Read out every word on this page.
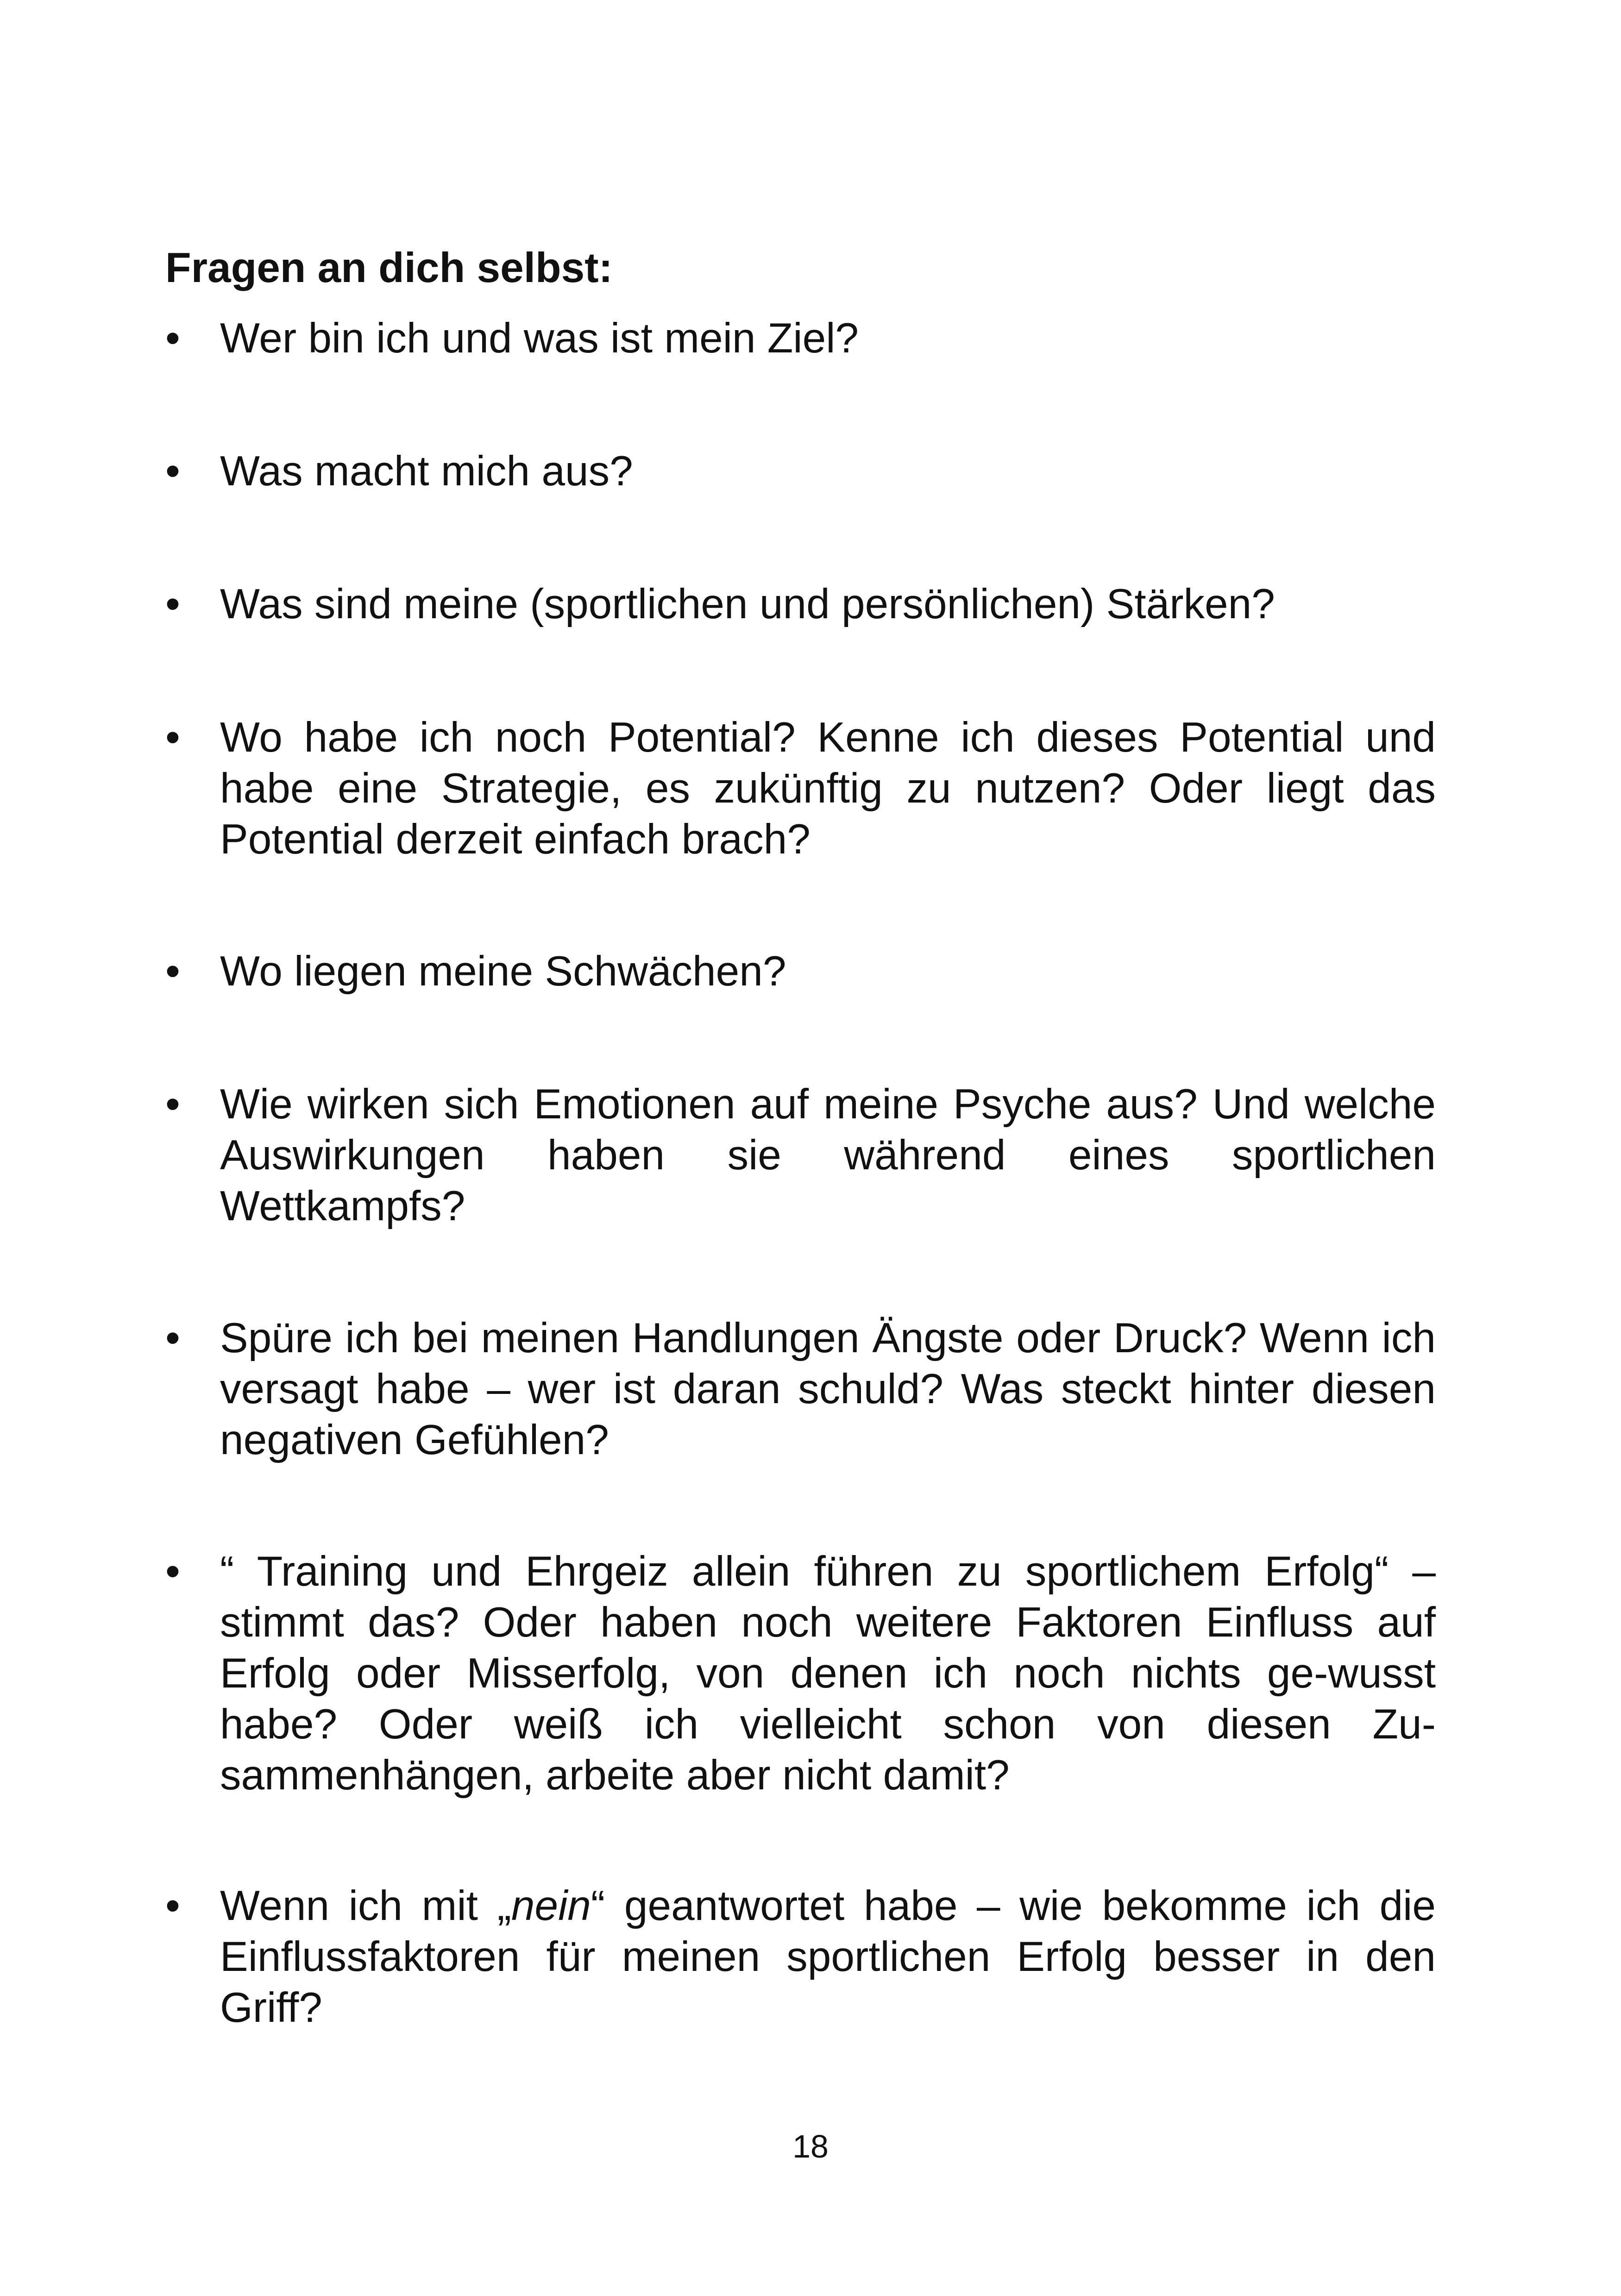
Fragen an dich selbst:
• Wer bin ich und was ist mein Ziel?
• Was macht mich aus?
• Was sind meine (sportlichen und persönlichen) Stärken?
• Wo habe ich noch Potential? Kenne ich dieses Potential und habe eine Strategie, es zukünftig zu nutzen? Oder liegt das Potential derzeit einfach brach?
• Wo liegen meine Schwächen?
• Wie wirken sich Emotionen auf meine Psyche aus? Und welche Auswirkungen haben sie während eines sportlichen Wettkampfs?
• Spüre ich bei meinen Handlungen Ängste oder Druck? Wenn ich versagt habe – wer ist daran schuld? Was steckt hinter diesen negativen Gefühlen?
• “ Training und Ehrgeiz allein führen zu sportlichem Erfolg“ – stimmt das? Oder haben noch weitere Faktoren Einfluss auf Erfolg oder Misserfolg, von denen ich noch nichts ge-wusst habe? Oder weiß ich vielleicht schon von diesen Zu-sammenhängen, arbeite aber nicht damit?
• Wenn ich mit „nein“ geantwortet habe – wie bekomme ich die Einflussfaktoren für meinen sportlichen Erfolg besser in den Griff?
18
